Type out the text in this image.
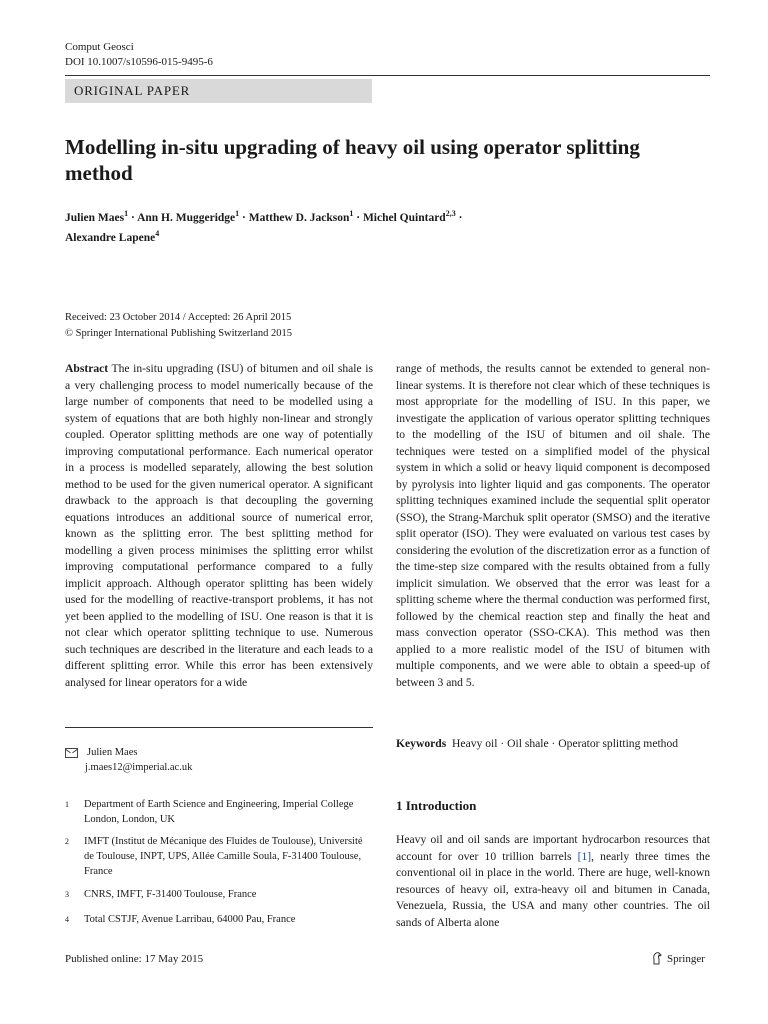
Comput Geosci
DOI 10.1007/s10596-015-9495-6
ORIGINAL PAPER
Modelling in-situ upgrading of heavy oil using operator splitting method
Julien Maes$^1$ · Ann H. Muggeridge$^1$ · Matthew D. Jackson$^1$ · Michel Quintard$^{2,3}$ ·
Alexandre Lapene$^4$
Received: 23 October 2014 / Accepted: 26 April 2015
© Springer International Publishing Switzerland 2015
Abstract The in-situ upgrading (ISU) of bitumen and oil shale is a very challenging process to model numerically because of the large number of components that need to be modelled using a system of equations that are both highly non-linear and strongly coupled. Operator splitting methods are one way of potentially improving computational performance. Each numerical operator in a process is modelled separately, allowing the best solution method to be used for the given numerical operator. A significant drawback to the approach is that decoupling the governing equations introduces an additional source of numerical error, known as the splitting error. The best splitting method for modelling a given process minimises the splitting error whilst improving computational performance compared to a fully implicit approach. Although operator splitting has been widely used for the modelling of reactive-transport problems, it has not yet been applied to the modelling of ISU. One reason is that it is not clear which operator splitting technique to use. Numerous such techniques are described in the literature and each leads to a different splitting error. While this error has been extensively analysed for linear operators for a wide

range of methods, the results cannot be extended to general non-linear systems. It is therefore not clear which of these techniques is most appropriate for the modelling of ISU. In this paper, we investigate the application of various operator splitting techniques to the modelling of the ISU of bitumen and oil shale. The techniques were tested on a simplified model of the physical system in which a solid or heavy liquid component is decomposed by pyrolysis into lighter liquid and gas components. The operator splitting techniques examined include the sequential split operator (SSO), the Strang-Marchuk split operator (SMSO) and the iterative split operator (ISO). They were evaluated on various test cases by considering the evolution of the discretization error as a function of the time-step size compared with the results obtained from a fully implicit simulation. We observed that the error was least for a splitting scheme where the thermal conduction was performed first, followed by the chemical reaction step and finally the heat and mass convection operator (SSO-CKA). This method was then applied to a more realistic model of the ISU of bitumen with multiple components, and we were able to obtain a speed-up of between 3 and 5.

Julien Maes
j.maes12@imperial.ac.uk
1 Department of Earth Science and Engineering, Imperial College London, London, UK
2 IMFT (Institut de Mécanique des Fluides de Toulouse), Université de Toulouse, INPT, UPS, Allée Camille Soula, F-31400 Toulouse, France
3 CNRS, IMFT, F-31400 Toulouse, France
4 Total CSTJF, Avenue Larribau, 64000 Pau, France
Keywords Heavy oil · Oil shale · Operator splitting method
1 Introduction
Heavy oil and oil sands are important hydrocarbon resources that account for over 10 trillion barrels [1], nearly three times the conventional oil in place in the world. There are huge, well-known resources of heavy oil, extra-heavy oil and bitumen in Canada, Venezuela, Russia, the USA and many other countries. The oil sands of Alberta alone
Published online: 17 May 2015	Springer
